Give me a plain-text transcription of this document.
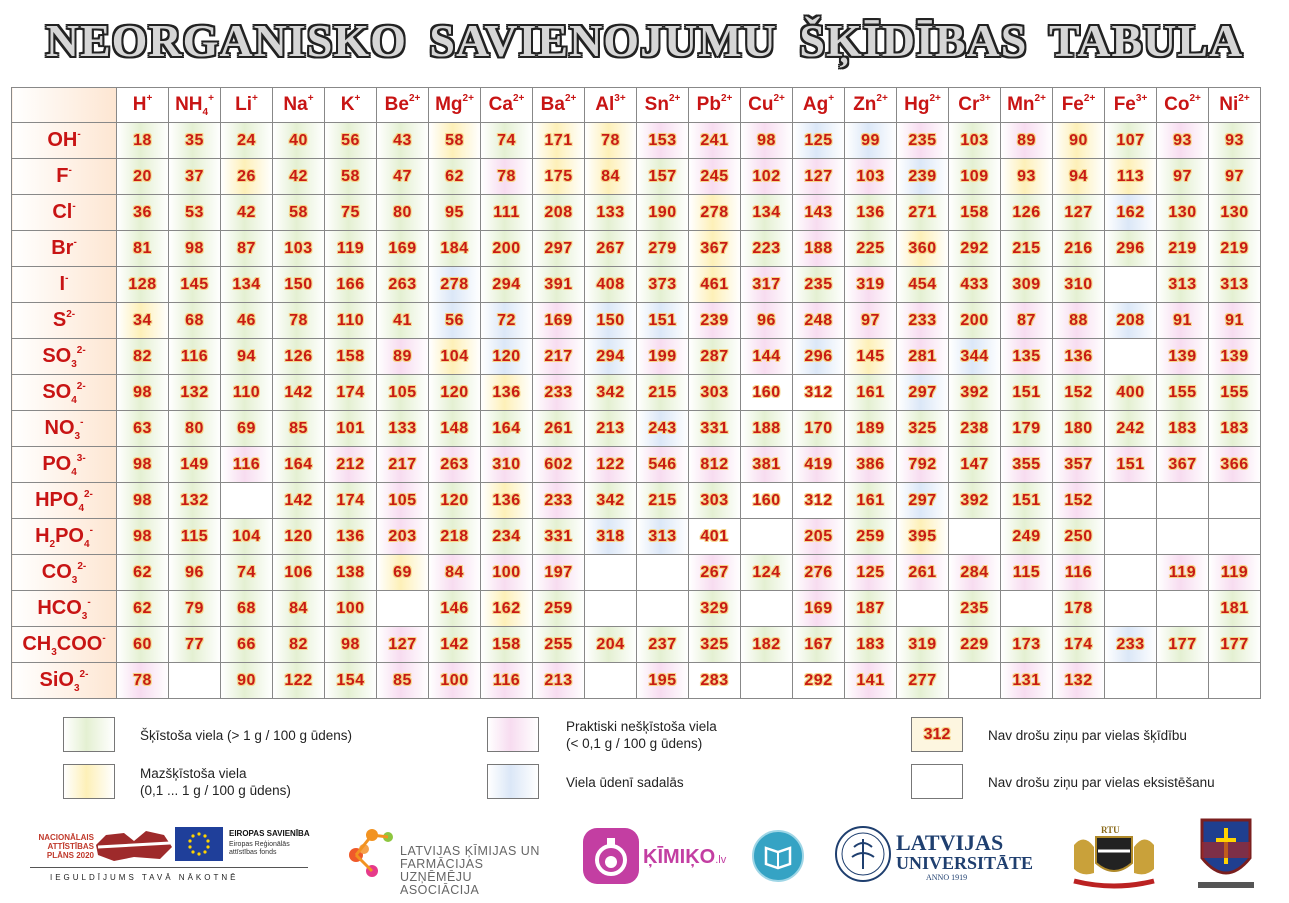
NEORGANISKO SAVIENOJUMU ŠĶĪDĪBAS TABULA
	H+	$NH_4^+$	Li+	Na+	K+	$Be^{2+}$	$Mg^{2+}$	$Ca^{2+}$	$Ba^{2+}$	$Al^{3+}$	$Sn^{2+}$	$Pb^{2+}$	$Cu^{2+}$	Ag+	$Zn^{2+}$	$Hg^{2+}$	$Cr^{3+}$	$Mn^{2+}$	$Fe^{2+}$	$Fe^{3+}$	$Co^{2+}$	$Ni^{2+}$
OH-	18	35	24	40	56	43	58	74	171	78	153	241	98	125	99	235	103	89	90	107	93	93
F-	20	37	26	42	58	47	62	78	175	84	157	245	102	127	103	239	109	93	94	113	97	97
Cl-	36	53	42	58	75	80	95	111	208	133	190	278	134	143	136	271	158	126	127	162	130	130
Br-	81	98	87	103	119	169	184	200	297	267	279	367	223	188	225	360	292	215	216	296	219	219
I-	128	145	134	150	166	263	278	294	391	408	373	461	317	235	319	454	433	309	310		313	313
$S^{2-}$	34	68	46	78	110	41	56	72	169	150	151	239	96	248	97	233	200	87	88	208	91	91
$SO_3^{2-}$	82	116	94	126	158	89	104	120	217	294	199	287	144	296	145	281	344	135	136		139	139
$SO_4^{2-}$	98	132	110	142	174	105	120	136	233	342	215	303	160	312	161	297	392	151	152	400	155	155
$NO_3^-$	63	80	69	85	101	133	148	164	261	213	243	331	188	170	189	325	238	179	180	242	183	183
$PO_4^{3-}$	98	149	116	164	212	217	263	310	602	122	546	812	381	419	386	792	147	355	357	151	367	366
$HPO_4^{2-}$	98	132		142	174	105	120	136	233	342	215	303	160	312	161	297	392	151	152			
$H_2PO_4^-$	98	115	104	120	136	203	218	234	331	318	313	401		205	259	395		249	250			
$CO_3^{2-}$	62	96	74	106	138	69	84	100	197			267	124	276	125	261	284	115	116		119	119
$HCO_3^-$	62	79	68	84	100		146	162	259			329		169	187		235		178			181
$CH_3COO^-$	60	77	66	82	98	127	142	158	255	204	237	325	182	167	183	319	229	173	174	233	177	177
SiO$_3^{2-}$	78		90	122	154	85	100	116	213		195	283		292	141	277		131	132			
Šķīstoša viela (> 1 g / 100 g ūdens)
Mazšķīstoša viela
(0,1 ... 1 g / 100 g ūdens)
Praktiski nešķīstoša viela
(< 0,1 g / 100 g ūdens)
Viela ūdenī sadalās
312	Nav drošu ziņu par vielas šķīdību
Nav drošu ziņu par vielas eksistēšanu
NACIONĀLAIS
ATTĪSTĪBAS
PLĀNS 2020
EIROPAS SAVIENĪBA
Eiropas Reģionālās
attīstības fonds
IEGULDĪJUMS TAVĀ NĀKOTNĒ
LATVIJAS ĶĪMIJAS UN
FARMĀCIJAS UZŅĒMĒJU
ASOCIĀCIJA
ĶĪMIĶO.lv
LATVIJAS
UNIVERSITĀTE
ANNO 1919
RTU
